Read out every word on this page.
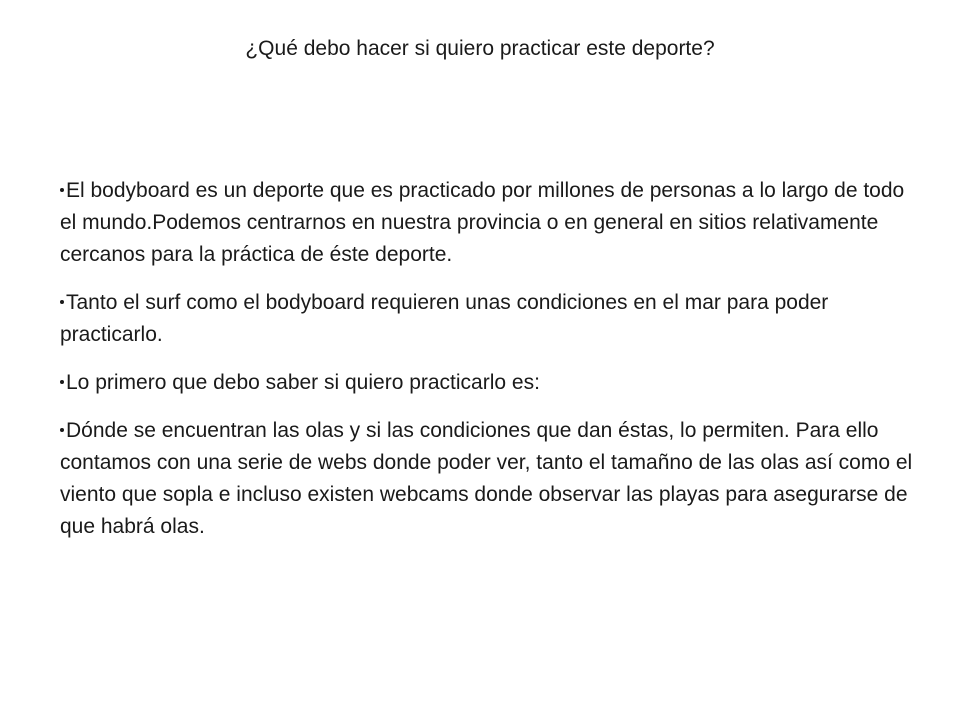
¿Qué debo hacer si quiero practicar este deporte?

El bodyboard es un deporte que es practicado por millones de personas a lo largo de todo el mundo.Podemos centrarnos en nuestra provincia o en general en sitios relativamente cercanos para la práctica de éste deporte.

Tanto el surf como el bodyboard requieren unas condiciones en el mar para poder practicarlo.

Lo primero que debo saber si quiero practicarlo es:

Dónde se encuentran las olas y si las condiciones que dan éstas, lo permiten. Para ello contamos con una serie de webs donde poder ver, tanto el tamañno de las olas así como el viento que sopla e incluso existen webcams donde observar las playas para asegurarse de que habrá olas.
